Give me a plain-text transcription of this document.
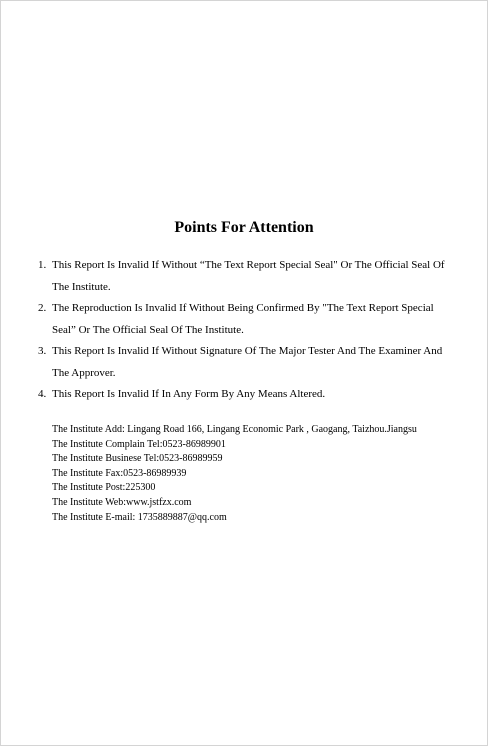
Points For Attention
1. This Report Is Invalid If Without “The Text Report Special Seal" Or The Official Seal Of The Institute.
2. The Reproduction Is Invalid If Without Being Confirmed By "The Text Report Special Seal” Or The Official Seal Of The Institute.
3. This Report Is Invalid If Without Signature Of The Major Tester And The Examiner And The Approver.
4. This Report Is Invalid If In Any Form By Any Means Altered.
The Institute Add: Lingang Road 166, Lingang Economic Park , Gaogang, Taizhou.Jiangsu
The Institute Complain Tel:0523-86989901
The Institute Businese Tel:0523-86989959
The Institute Fax:0523-86989939
The Institute Post:225300
The Institute Web:www.jstfzx.com
The Institute E-mail: 1735889887@qq.com
